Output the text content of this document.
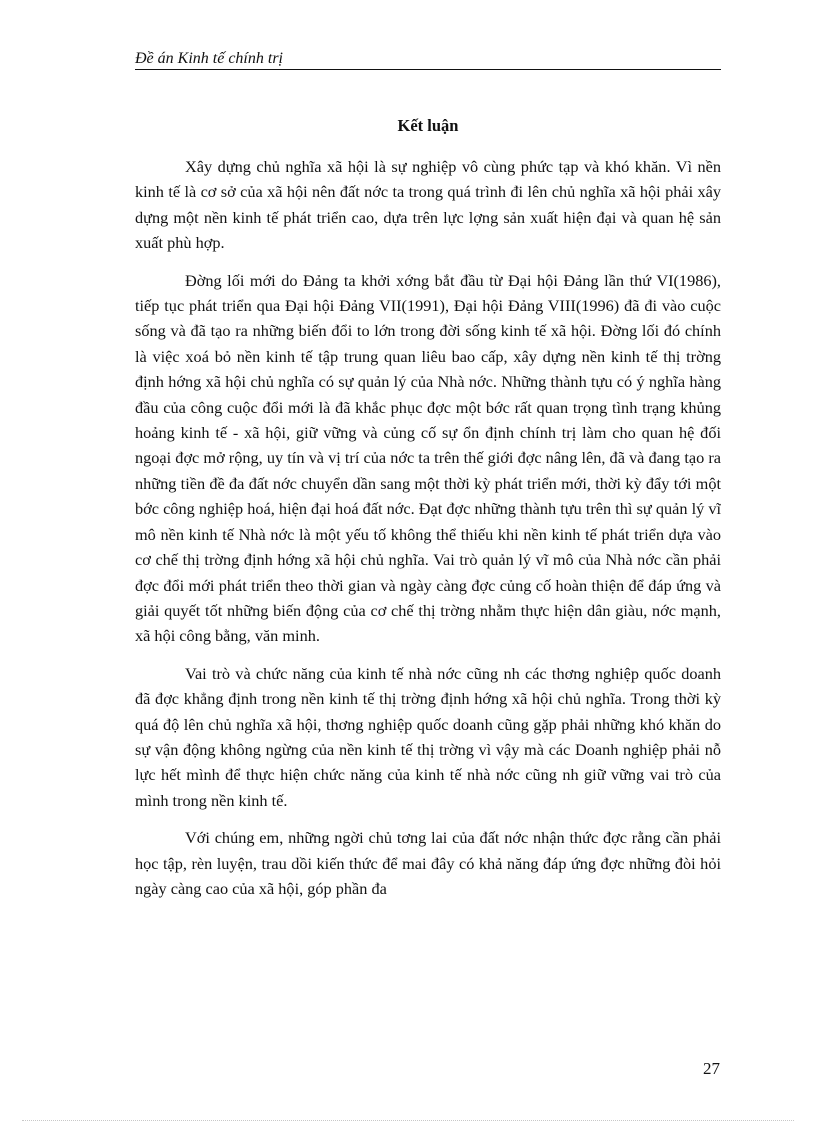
Đề án Kinh tế chính trị
Kết luận

Xây dựng chủ nghĩa xã hội là sự nghiệp vô cùng phức tạp và khó khăn. Vì nền kinh tế là cơ sở của xã hội nên đất nớc ta trong quá trình đi lên chủ nghĩa xã hội phải xây dựng một nền kinh tế phát triển cao, dựa trên lực lợng sản xuất hiện đại và quan hệ sản xuất phù hợp.

Đờng lối mới do Đảng ta khởi xớng bắt đầu từ Đại hội Đảng lần thứ VI(1986), tiếp tục phát triển qua Đại hội Đảng VII(1991), Đại hội Đảng VIII(1996) đã đi vào cuộc sống và đã tạo ra những biến đổi to lớn trong đời sống kinh tế xã hội. Đờng lối đó chính là việc xoá bỏ nền kinh tế tập trung quan liêu bao cấp, xây dựng nền kinh tế thị trờng định hớng xã hội chủ nghĩa có sự quản lý của Nhà nớc. Những thành tựu có ý nghĩa hàng đầu của công cuộc đổi mới là đã khắc phục đợc một bớc rất quan trọng tình trạng khủng hoảng kinh tế - xã hội, giữ vững và củng cố sự ổn định chính trị làm cho quan hệ đối ngoại đợc mở rộng, uy tín và vị trí của nớc ta trên thế giới đợc nâng lên, đã và đang tạo ra những tiền đề đa đất nớc chuyển dần sang một thời kỳ phát triển mới, thời kỳ đẩy tới một bớc công nghiệp hoá, hiện đại hoá đất nớc. Đạt đợc những thành tựu trên thì sự quản lý vĩ mô nền kinh tế Nhà nớc là một yếu tố không thể thiếu khi nền kinh tế phát triển dựa vào cơ chế thị trờng định hớng xã hội chủ nghĩa. Vai trò quản lý vĩ mô của Nhà nớc cần phải đợc đổi mới phát triển theo thời gian và ngày càng đợc củng cố hoàn thiện để đáp ứng và giải quyết tốt những biến động của cơ chế thị trờng nhằm thực hiện dân giàu, nớc mạnh, xã hội công bằng, văn minh.

Vai trò và chức năng của kinh tế nhà nớc cũng nh các thơng nghiệp quốc doanh đã đợc khẳng định trong nền kinh tế thị trờng định hớng xã hội chủ nghĩa. Trong thời kỳ quá độ lên chủ nghĩa xã hội, thơng nghiệp quốc doanh cũng gặp phải những khó khăn do sự vận động không ngừng của nền kinh tế thị trờng vì vậy mà các Doanh nghiệp phải nỗ lực hết mình để thực hiện chức năng của kinh tế nhà nớc cũng nh giữ vững vai trò của mình trong nền kinh tế.

Với chúng em, những ngời chủ tơng lai của đất nớc nhận thức đợc rằng cần phải học tập, rèn luyện, trau dồi kiến thức để mai đây có khả năng đáp ứng đợc những đòi hỏi ngày càng cao của xã hội, góp phần đa

27
